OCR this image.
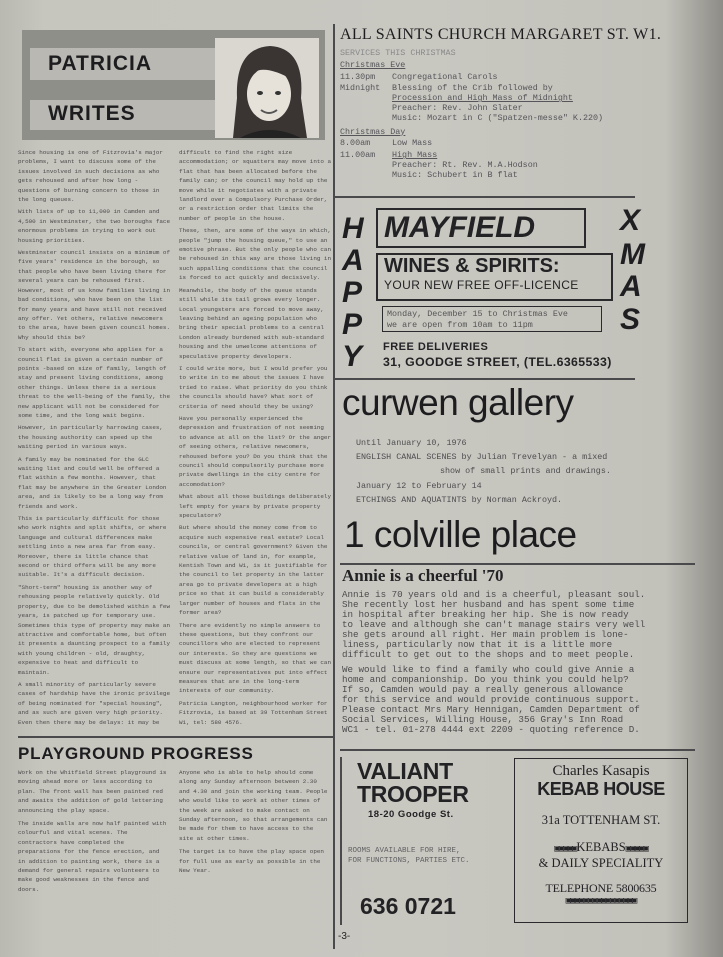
PATRICIA
WRITES

Since housing is one of Fitzrovia's major problems, I want to discuss some of the issues involved in such decisions as who gets rehoused and after how long - questions of burning concern to those in the long queues.

With lists of up to 11,000 in Camden and 4,500 in Westminster, the two boroughs face enormous problems in trying to work out housing priorities.

Westminster council insists on a minimum of five years' residence in the borough, so that people who have been living there for several years can be rehoused first. However, most of us know families living in bad conditions, who have been on the list for many years and have still not received any offer. Yet others, relative newcomers to the area, have been given council homes. Why should this be?

To start with, everyone who applies for a council flat is given a certain number of points -based on size of family, length of stay and present living conditions, among other things. Unless there is a serious threat to the well-being of the family, the new applicant will not be considered for some time, and the long wait begins.

However, in particularly harrowing cases, the housing authority can speed up the waiting period in various ways.

A family may be nominated for the GLC waiting list and could well be offered a flat within a few months. However, that flat may be anywhere in the Greater London area, and is likely to be a long way from friends and work.

This is particularly difficult for those who work nights and split shifts, or where language and cultural differences make settling into a new area far from easy. Moreover, there is little chance that second or third offers will be any more suitable. It's a difficult decision.

"Short-term" housing is another way of rehousing people relatively quickly. Old property, due to be demolished within a few years, is patched up for temporary use. Sometimes this type of property may make an attractive and comfortable home, but often it presents a daunting prospect to a family with young children - old, draughty, expensive to heat and difficult to maintain.

A small minority of particularly severe cases of hardship have the ironic privilege of being nominated for "special housing", and as such are given very high priority. Even then there may be delays: it may be difficult to find the right size accommodation; or squatters may move into a flat that has been allocated before the family can; or the council may hold up the move while it negotiates with a private landlord over a Compulsory Purchase Order, or a restriction order that limits the number of people in the house.

These, then, are some of the ways in which, people "jump the housing queue," to use an emotive phrase. But the only people who can be rehoused in this way are those living in such appalling conditions that the council is forced to act quickly and decisively.

Meanwhile, the body of the queue stands still while its tail grows every longer. Local youngsters are forced to move away, leaving behind an ageing population who bring their special problems to a central London already burdened with sub-standard housing and the unwelcome attentions of speculative property developers.

I could write more, but I would prefer you to write in to me about the issues I have tried to raise. What priority do you think the councils should have? What sort of criteria of need should they be using?

Have you personally experienced the depression and frustration of not seeming to advance at all on the list? Or the anger of seeing others, relative newcomers, rehoused before you? Do you think that the council should compulsorily purchase more private dwellings in the city centre for accomodation?

What about all those buildings deliberately left empty for years by private property speculators?

But where should the money come from to acquire such expensive real estate? Local councils, or central government? Given the relative value of land in, for example, Kentish Town and W1, is it justifiable for the council to let property in the latter area go to private developers at a high price so that it can build a considerably larger number of houses and flats in the former area?

There are evidently no simple answers to these questions, but they confront our councillors who are elected to represent our interests. So they are questions we must discuss at some length, so that we can ensure our representatives put into effect measures that are in the long-term interests of our community.

Patricia Langton, neighbourhood worker for Fitzrovia, is based at 39 Tottenham Street W1, tel: 580 4576.

PLAYGROUND PROGRESS

Work on the Whitfield Street playground is moving ahead more or less according to plan. The front wall has been painted red and awaits the addition of gold lettering announcing the play space.

The inside walls are now half painted with colourful and vital scenes. The contractors have completed the preparations for the fence erection, and in addition to painting work, there is a demand for general repairs volunteers to make good weaknesses in the fence and doors.

Anyone who is able to help should come along any Sunday afternoon between 2.30 and 4.30 and join the working team. People who would like to work at other times of the week are asked to make contact on Sunday afternoon, so that arrangements can be made for them to have access to the site at other times.

The target is to have the play space open for full use as early as possible in the New Year.

ALL SAINTS CHURCH MARGARET ST. W1.
SERVICES THIS CHRISTMAS
Christmas Eve
11.30pm	Congregational Carols
Midnight	Blessing of the Crib followed by
Procession and High Mass of Midnight
Preacher: Rev. John Slater
Music: Mozart in C ("Spatzen-messe" K.220)
Christmas Day
8.00am	Low Mass
11.00am	High Mass
Preacher: Rt. Rev. M.A.Hodson
Music: Schubert in B flat
H
A
P
P
Y
X
M
A
S
MAYFIELD
WINES & SPIRITS:
YOUR NEW FREE OFF-LICENCE
Monday, December 15 to Christmas Eve
we are open from 10am to 11pm
FREE DELIVERIES
31, GOODGE STREET, (TEL.6365533)
curwen gallery
Until January 10, 1976
ENGLISH CANAL SCENES by Julian Trevelyan - a mixed
show of small prints and drawings.
January 12 to February 14
ETCHINGS AND AQUATINTS by Norman Ackroyd.
1 colville place
Annie is a cheerful '70

Annie is 70 years old and is a cheerful, pleasant soul.
She recently lost her husband and has spent some time
in hospital after breaking her hip. She is now ready
to leave and although she can't manage stairs very well
she gets around all right. Her main problem is lone-
liness, particularly now that it is a little more
difficult to get out to the shops and to meet people.

We would like to find a family who could give Annie a
home and companionship. Do you think you could help?
If so, Camden would pay a really generous allowance
for this service and would provide continuous support.
Please contact Mrs Mary Hennigan, Camden Department of
Social Services, Willing House, 356 Gray's Inn Road
WC1 - tel. 01-278 4444 ext 2209 - quoting reference D.

VALIANT
TROOPER
18-20 Goodge St.
ROOMS AVAILABLE FOR HIRE,
FOR FUNCTIONS, PARTIES ETC.
636 0721
Charles Kasapis
KEBAB HOUSE
31a TOTTENHAM ST.
▣▣▣▣▣KEBABS▣▣▣▣▣
& DAILY SPECIALITY
TELEPHONE 5800635
▣▣▣▣▣▣▣▣▣▣▣▣▣▣▣▣
-3-
